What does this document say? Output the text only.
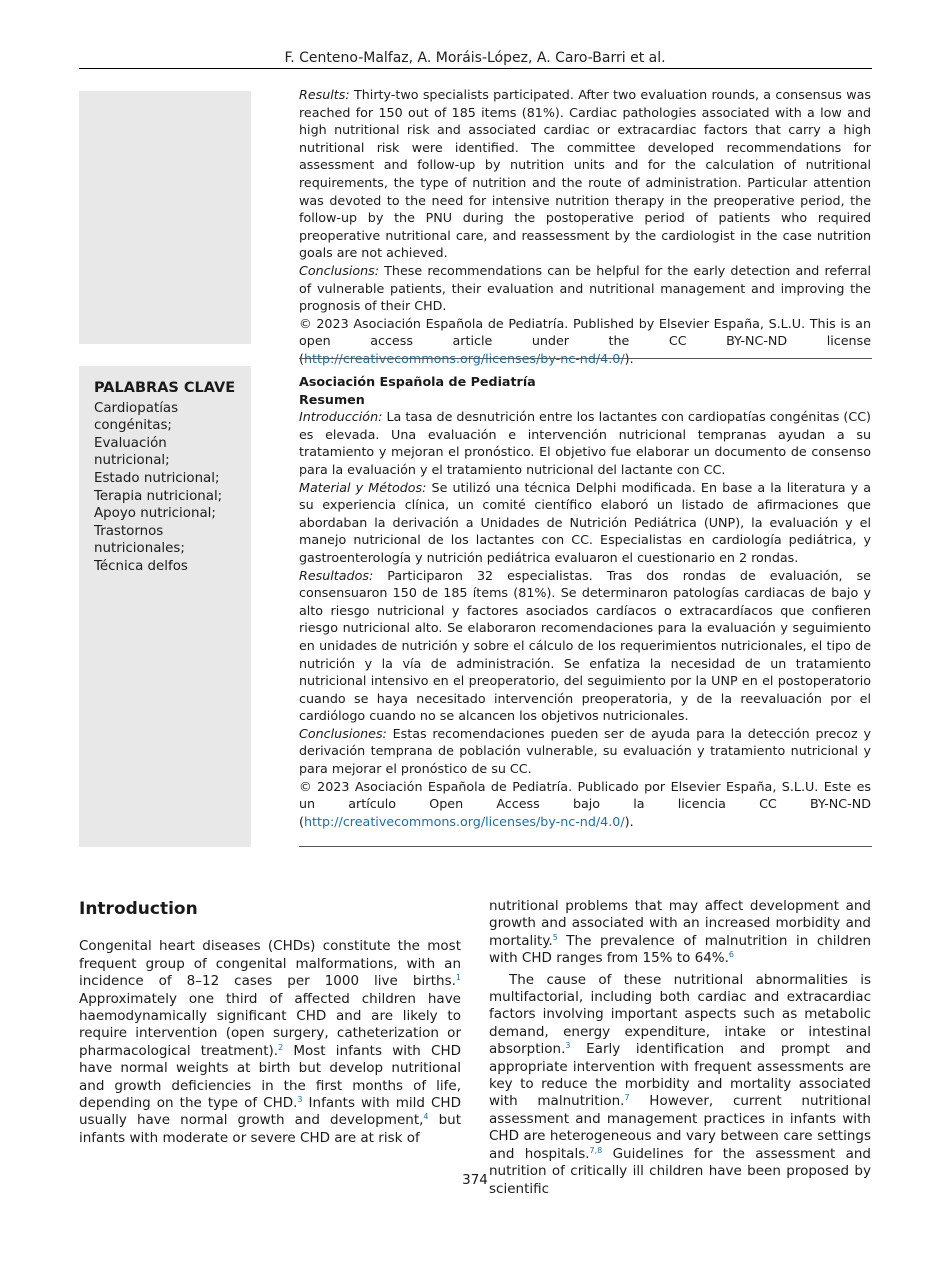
F. Centeno-Malfaz, A. Moráis-López, A. Caro-Barri et al.
PALABRAS CLAVE
Cardiopatías congénitas;
Evaluación nutricional;
Estado nutricional;
Terapia nutricional;
Apoyo nutricional;
Trastornos nutricionales;
Técnica delfos

Results: Thirty-two specialists participated. After two evaluation rounds, a consensus was reached for 150 out of 185 items (81%). Cardiac pathologies associated with a low and high nutritional risk and associated cardiac or extracardiac factors that carry a high nutritional risk were identified. The committee developed recommendations for assessment and follow-up by nutrition units and for the calculation of nutritional requirements, the type of nutrition and the route of administration. Particular attention was devoted to the need for intensive nutrition therapy in the preoperative period, the follow-up by the PNU during the postoperative period of patients who required preoperative nutritional care, and reassessment by the cardiologist in the case nutrition goals are not achieved.

Conclusions: These recommendations can be helpful for the early detection and referral of vulnerable patients, their evaluation and nutritional management and improving the prognosis of their CHD.

© 2023 Asociación Española de Pediatría. Published by Elsevier España, S.L.U. This is an open access article under the CC BY-NC-ND license (http://creativecommons.org/licenses/by-nc-nd/4.0/).

Asociación Española de Pediatría

Resumen

Introducción: La tasa de desnutrición entre los lactantes con cardiopatías congénitas (CC) es elevada. Una evaluación e intervención nutricional tempranas ayudan a su tratamiento y mejoran el pronóstico. El objetivo fue elaborar un documento de consenso para la evaluación y el tratamiento nutricional del lactante con CC.

Material y Métodos: Se utilizó una técnica Delphi modificada. En base a la literatura y a su experiencia clínica, un comité científico elaboró un listado de afirmaciones que abordaban la derivación a Unidades de Nutrición Pediátrica (UNP), la evaluación y el manejo nutricional de los lactantes con CC. Especialistas en cardiología pediátrica, y gastroenterología y nutrición pediátrica evaluaron el cuestionario en 2 rondas.

Resultados: Participaron 32 especialistas. Tras dos rondas de evaluación, se consensuaron 150 de 185 ítems (81%). Se determinaron patologías cardiacas de bajo y alto riesgo nutricional y factores asociados cardíacos o extracardíacos que confieren riesgo nutricional alto. Se elaboraron recomendaciones para la evaluación y seguimiento en unidades de nutrición y sobre el cálculo de los requerimientos nutricionales, el tipo de nutrición y la vía de administración. Se enfatiza la necesidad de un tratamiento nutricional intensivo en el preoperatorio, del seguimiento por la UNP en el postoperatorio cuando se haya necesitado intervención preoperatoria, y de la reevaluación por el cardiólogo cuando no se alcancen los objetivos nutricionales.

Conclusiones: Estas recomendaciones pueden ser de ayuda para la detección precoz y derivación temprana de población vulnerable, su evaluación y tratamiento nutricional y para mejorar el pronóstico de su CC.

© 2023 Asociación Española de Pediatría. Publicado por Elsevier España, S.L.U. Este es un artículo Open Access bajo la licencia CC BY-NC-ND (http://creativecommons.org/licenses/by-nc-nd/4.0/).

Introduction

Congenital heart diseases (CHDs) constitute the most frequent group of congenital malformations, with an incidence of 8–12 cases per 1000 live births.$^1$ Approximately one third of affected children have haemodynamically significant CHD and are likely to require intervention (open surgery, catheterization or pharmacological treatment).$^2$ Most infants with CHD have normal weights at birth but develop nutritional and growth deficiencies in the first months of life, depending on the type of CHD.$^3$ Infants with mild CHD usually have normal growth and development,$^4$ but infants with moderate or severe CHD are at risk of

nutritional problems that may affect development and growth and associated with an increased morbidity and mortality.$^5$ The prevalence of malnutrition in children with CHD ranges from 15% to 64%.$^6$

The cause of these nutritional abnormalities is multifactorial, including both cardiac and extracardiac factors involving important aspects such as metabolic demand, energy expenditure, intake or intestinal absorption.$^3$ Early identification and prompt and appropriate intervention with frequent assessments are key to reduce the morbidity and mortality associated with malnutrition.$^7$ However, current nutritional assessment and management practices in infants with CHD are heterogeneous and vary between care settings and hospitals.$^{7,8}$ Guidelines for the assessment and nutrition of critically ill children have been proposed by scientific

374
